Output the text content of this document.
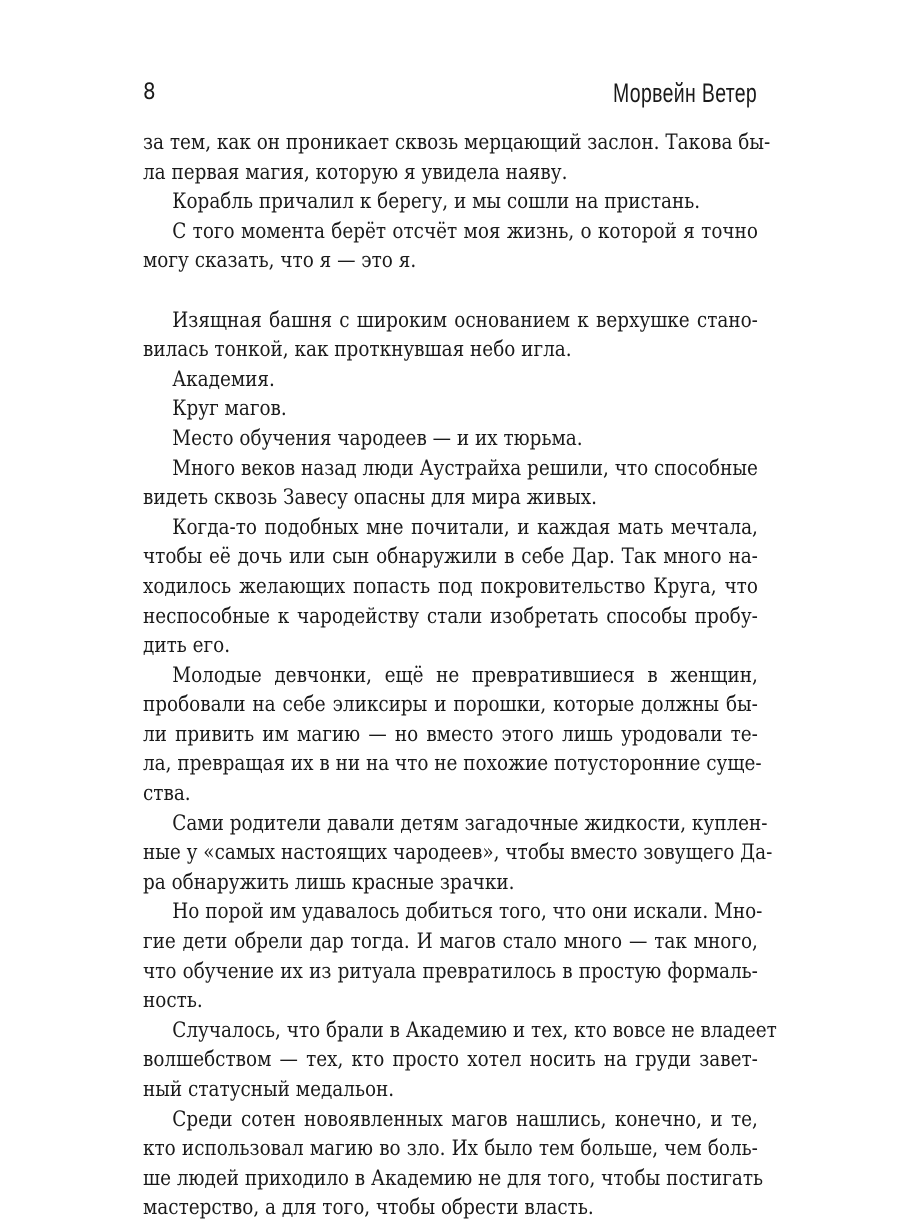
8	Морвейн Ветер
за тем, как он проникает сквозь мерцающий заслон. Такова бы-
ла первая магия, которую я увидела наяву.
Корабль причалил к берегу, и мы сошли на пристань.
С того момента берёт отсчёт моя жизнь, о которой я точно
могу сказать, что я — это я.
Изящная башня с широким основанием к верхушке стано-
вилась тонкой, как проткнувшая небо игла.
Академия.
Круг магов.
Место обучения чародеев — и их тюрьма.
Много веков назад люди Аустрайха решили, что способные
видеть сквозь Завесу опасны для мира живых.
Когда-то подобных мне почитали, и каждая мать мечтала,
чтобы её дочь или сын обнаружили в себе Дар. Так много на-
ходилось желающих попасть под покровительство Круга, что
неспособные к чародейству стали изобретать способы пробу-
дить его.
Молодые девчонки, ещё не превратившиеся в женщин,
пробовали на себе эликсиры и порошки, которые должны бы-
ли привить им магию — но вместо этого лишь уродовали те-
ла, превращая их в ни на что не похожие потусторонние суще-
ства.
Сами родители давали детям загадочные жидкости, куплен-
ные у «самых настоящих чародеев», чтобы вместо зовущего Да-
ра обнаружить лишь красные зрачки.
Но порой им удавалось добиться того, что они искали. Мно-
гие дети обрели дар тогда. И магов стало много — так много,
что обучение их из ритуала превратилось в простую формаль-
ность.
Случалось, что брали в Академию и тех, кто вовсе не владеет
волшебством — тех, кто просто хотел носить на груди завет-
ный статусный медальон.
Среди сотен новоявленных магов нашлись, конечно, и те,
кто использовал магию во зло. Их было тем больше, чем боль-
ше людей приходило в Академию не для того, чтобы постигать
мастерство, а для того, чтобы обрести власть.
